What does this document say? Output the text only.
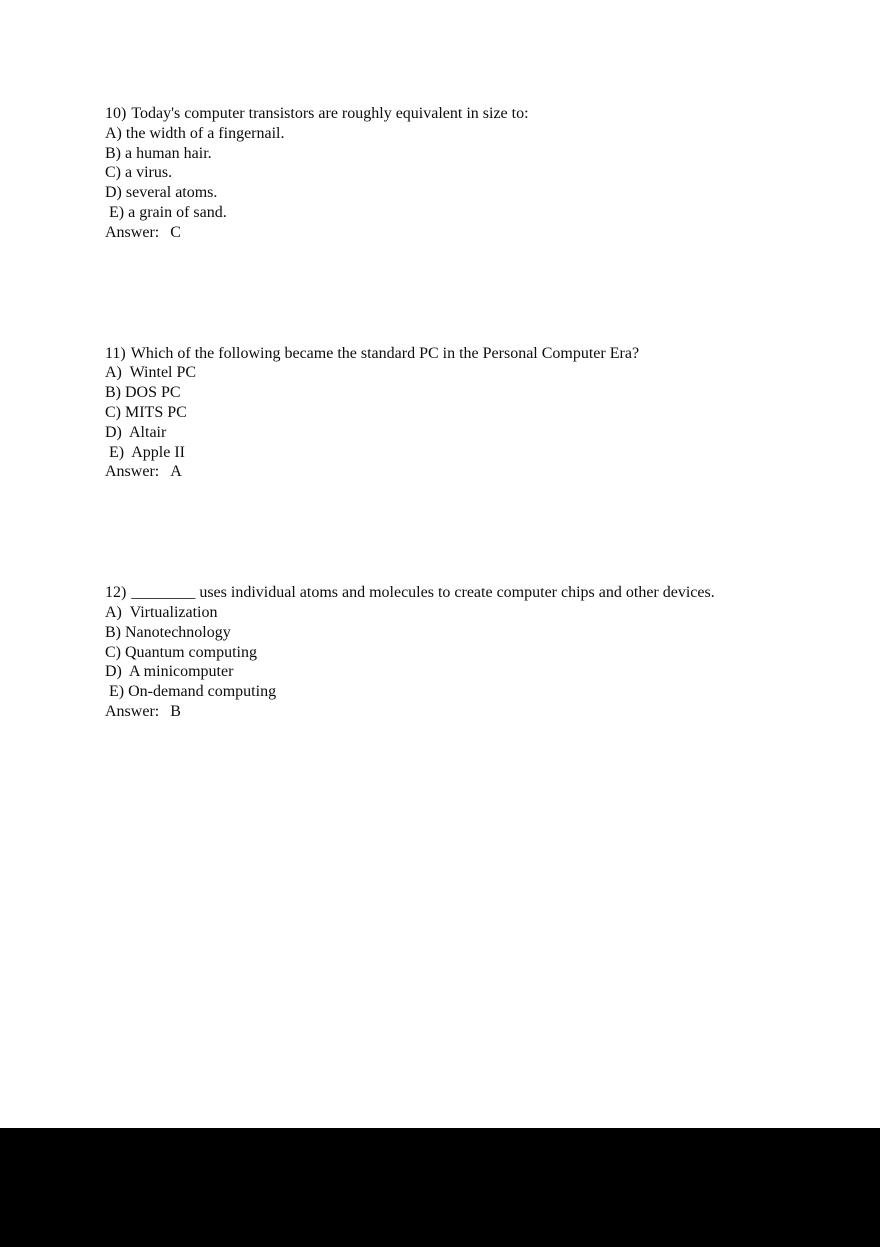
10) Today's computer transistors are roughly equivalent in size to:
A) the width of a fingernail.
B) a human hair.
C) a virus.
D) several atoms.
E) a grain of sand.
Answer: C
11) Which of the following became the standard PC in the Personal Computer Era?
A)  Wintel PC
B) DOS PC
C) MITS PC
D)  Altair
E)  Apple II
Answer: A
12) ________ uses individual atoms and molecules to create computer chips and other devices.
A)  Virtualization
B) Nanotechnology
C) Quantum computing
D)  A minicomputer
E) On-demand computing
Answer: B
